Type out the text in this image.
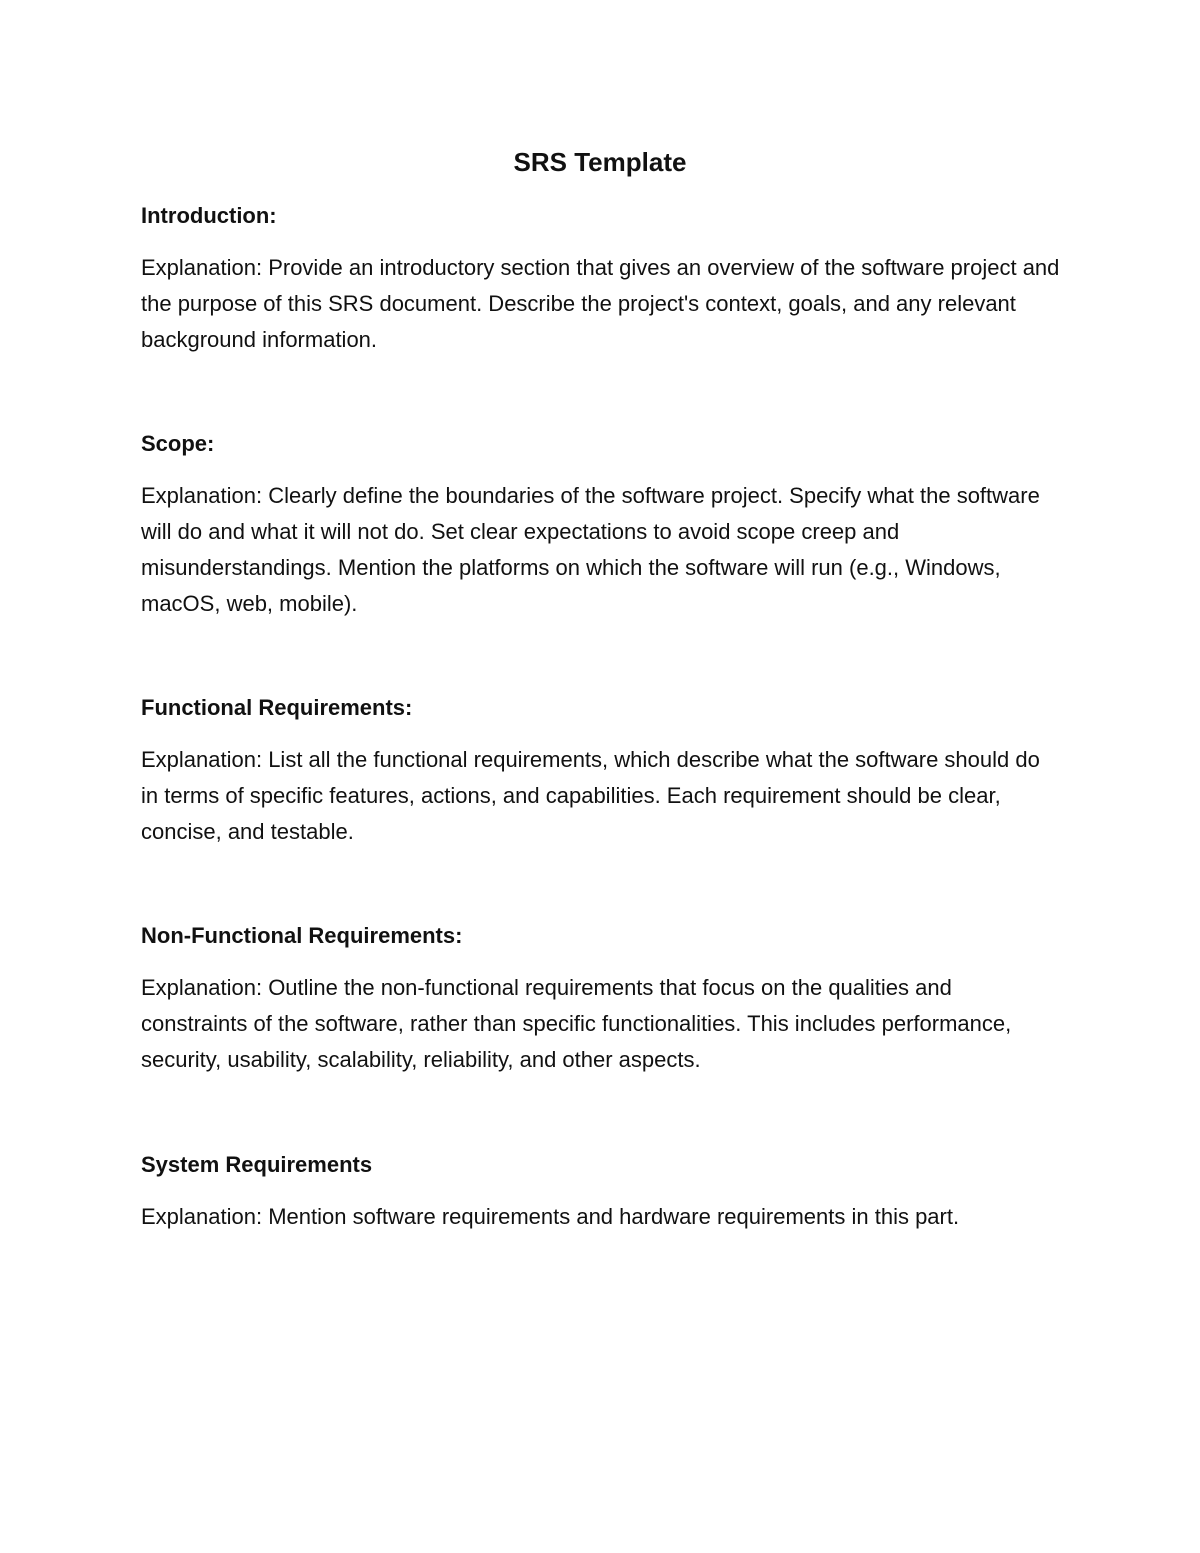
SRS Template
Introduction:

Explanation: Provide an introductory section that gives an overview of the software project and the purpose of this SRS document. Describe the project's context, goals, and any relevant background information.

Scope:

Explanation: Clearly define the boundaries of the software project. Specify what the software will do and what it will not do. Set clear expectations to avoid scope creep and misunderstandings. Mention the platforms on which the software will run (e.g., Windows, macOS, web, mobile).

Functional Requirements:

Explanation: List all the functional requirements, which describe what the software should do in terms of specific features, actions, and capabilities. Each requirement should be clear, concise, and testable.

Non-Functional Requirements:

Explanation: Outline the non-functional requirements that focus on the qualities and constraints of the software, rather than specific functionalities. This includes performance, security, usability, scalability, reliability, and other aspects.

System Requirements

Explanation: Mention software requirements and hardware requirements in this part.
